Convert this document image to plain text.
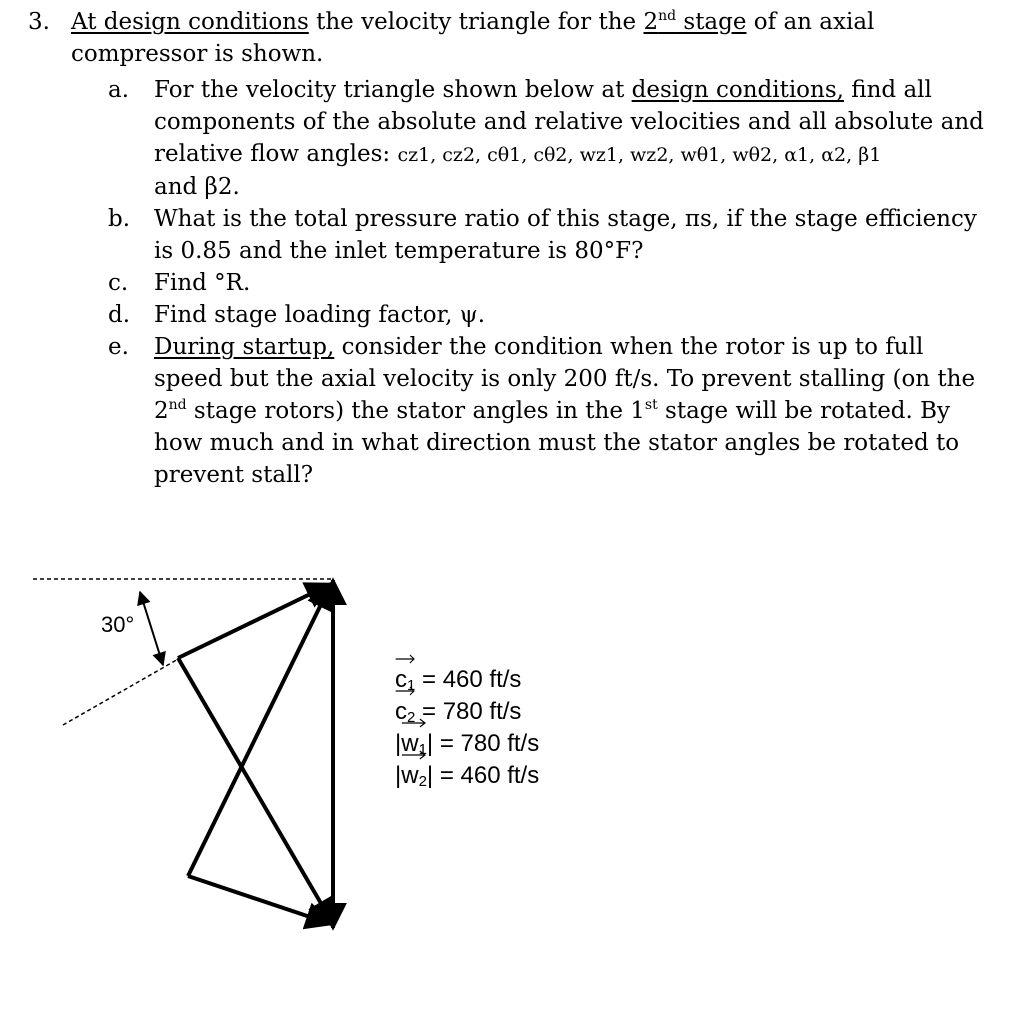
3. At design conditions the velocity triangle for the 2nd stage of an axial compressor is shown.
a. For the velocity triangle shown below at design conditions, find all components of the absolute and relative velocities and all absolute and relative flow angles: cz1, cz2, cθ1, cθ2, wz1, wz2, wθ1, wθ2, α1, α2, β1
and β2.
b. What is the total pressure ratio of this stage, πs, if the stage efficiency is 0.85 and the inlet temperature is 80°F?
c. Find °R.
d. Find stage loading factor, ψ.
e. During startup, consider the condition when the rotor is up to full speed but the axial velocity is only 200 ft/s. To prevent stalling (on the 2nd stage rotors) the stator angles in the 1st stage will be rotated. By how much and in what direction must the stator angles be rotated to prevent stall?
30°
$c_1 = 460$ ft/s
$c_2 = 780$ ft/s
$|w_1$
| = 780 ft/s
$|w_2$
| = 460 ft/s
